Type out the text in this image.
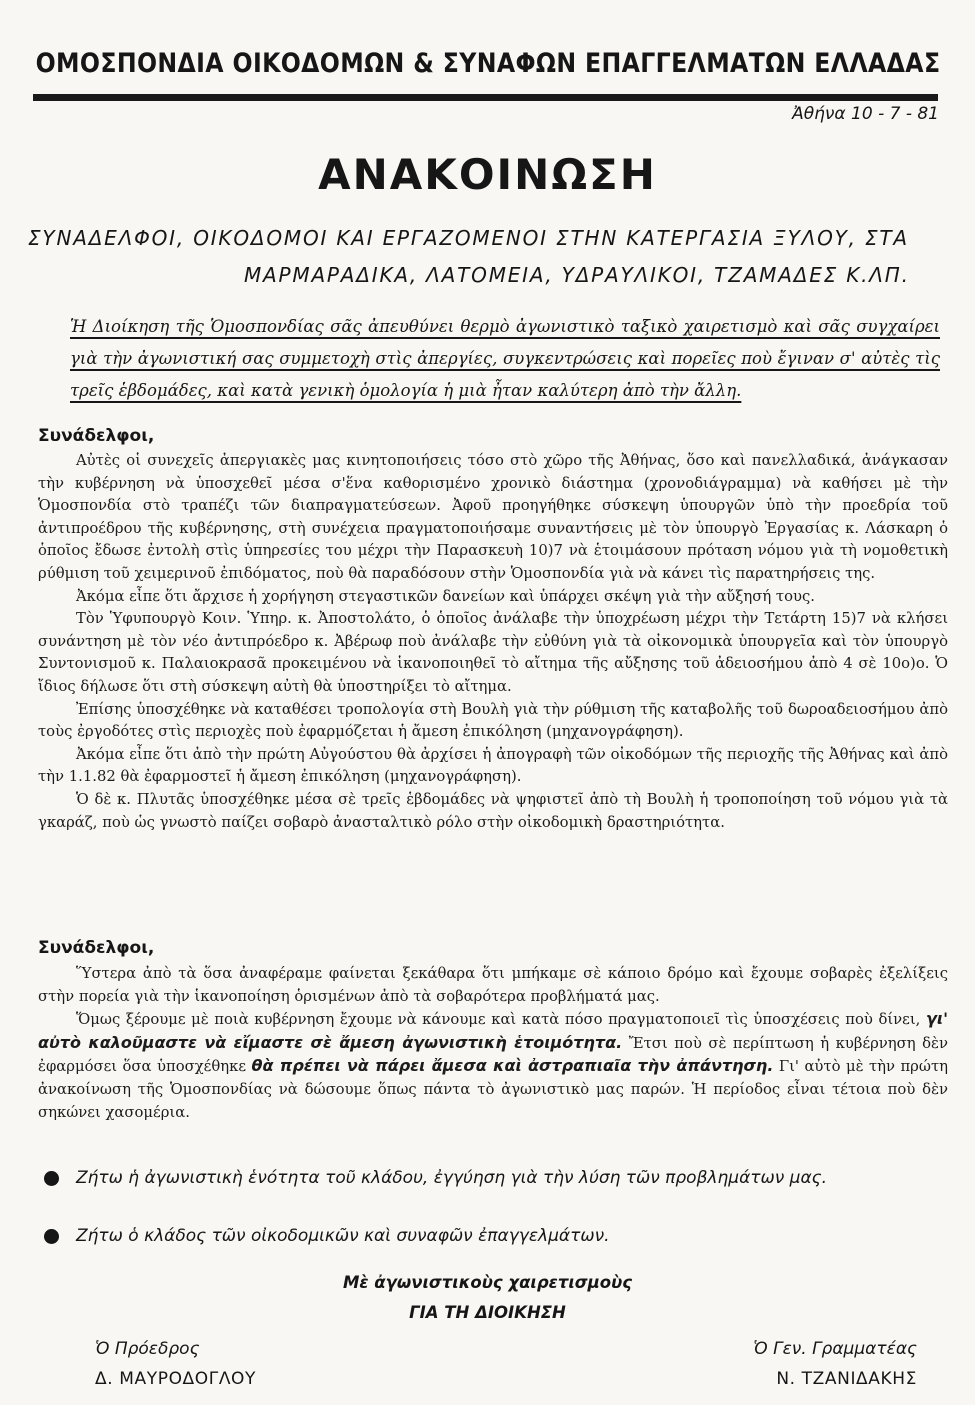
ΟΜΟΣΠΟΝΔΙΑ ΟΙΚΟΔΟΜΩΝ & ΣΥΝΑΦΩΝ ΕΠΑΓΓΕΛΜΑΤΩΝ ΕΛΛΑΔΑΣ
Ἀθήνα 10 - 7 - 81
ΑΝΑΚΟΙΝΩΣΗ
ΣΥΝΑΔΕΛΦΟΙ, ΟΙΚΟΔΟΜΟΙ ΚΑΙ ΕΡΓΑΖΟΜΕΝΟΙ ΣΤΗΝ ΚΑΤΕΡΓΑΣΙΑ ΞΥΛΟΥ, ΣΤΑ
ΜΑΡΜΑΡΑΔΙΚΑ, ΛΑΤΟΜΕΙΑ, ΥΔΡΑΥΛΙΚΟΙ, ΤΖΑΜΑΔΕΣ Κ.ΛΠ.

Ἡ Διοίκηση τῆς Ὁμοσπονδίας σᾶς ἀπευθύνει θερμὸ ἀγωνιστικὸ ταξικὸ χαιρετισμὸ καὶ σᾶς συγχαίρει γιὰ τὴν ἀγωνιστική σας συμμετοχὴ στὶς ἀπεργίες, συγκεντρώσεις καὶ πορεῖες ποὺ ἔγιναν σ' αὐτὲς τὶς τρεῖς ἑβδομάδες, καὶ κατὰ γενικὴ ὁμολογία ἡ μιὰ ἦταν καλύτερη ἀπὸ τὴν ἄλλη.

Συνάδελφοι,

Αὐτὲς οἱ συνεχεῖς ἀπεργιακὲς μας κινητοποιήσεις τόσο στὸ χῶρο τῆς Ἀθήνας, ὅσο καὶ πανελλαδικά, ἀνάγκασαν τὴν κυβέρνηση νὰ ὑποσχεθεῖ μέσα σ'ἕνα καθορισμένο χρονικὸ διάστημα (χρονοδιάγραμμα) νὰ καθήσει μὲ τὴν Ὁμοσπονδία στὸ τραπέζι τῶν διαπραγματεύσεων. Ἀφοῦ προηγήθηκε σύσκεψη ὑπουργῶν ὑπὸ τὴν προεδρία τοῦ ἀντιπροέδρου τῆς κυβέρνησης, στὴ συνέχεια πραγματοποιήσαμε συναντήσεις μὲ τὸν ὑπουργὸ Ἐργασίας κ. Λάσκαρη ὁ ὁποῖος ἔδωσε ἐντολὴ στὶς ὑπηρεσίες του μέχρι τὴν Παρασκευὴ 10)7 νὰ ἑτοιμάσουν πρόταση νόμου γιὰ τὴ νομοθετικὴ ρύθμιση τοῦ χειμερινοῦ ἐπιδόματος, ποὺ θὰ παραδόσουν στὴν Ὁμοσπονδία γιὰ νὰ κάνει τὶς παρατηρήσεις της.

Ἀκόμα εἶπε ὅτι ἄρχισε ἡ χορήγηση στεγαστικῶν δανείων καὶ ὑπάρχει σκέψη γιὰ τὴν αὔξησή τους.

Τὸν Ὑφυπουργὸ Κοιν. Ὑπηρ. κ. Ἀποστολάτο, ὁ ὁποῖος ἀνάλαβε τὴν ὑποχρέωση μέχρι τὴν Τετάρτη 15)7 νὰ κλήσει συνάντηση μὲ τὸν νέο ἀντιπρόεδρο κ. Ἀβέρωφ ποὺ ἀνάλαβε τὴν εὐθύνη γιὰ τὰ οἰκονομικὰ ὑπουργεῖα καὶ τὸν ὑπουργὸ Συντονισμοῦ κ. Παλαιοκρασᾶ προκειμένου νὰ ἱκανοποιηθεῖ τὸ αἴτημα τῆς αὔξησης τοῦ ἀδειοσήμου ἀπὸ 4 σὲ 10ο)ο. Ὁ ἴδιος δήλωσε ὅτι στὴ σύσκεψη αὐτὴ θὰ ὑποστηρίξει τὸ αἴτημα.

Ἐπίσης ὑποσχέθηκε νὰ καταθέσει τροπολογία στὴ Βουλὴ γιὰ τὴν ρύθμιση τῆς καταβολῆς τοῦ δωροαδειοσήμου ἀπὸ τοὺς ἐργοδότες στὶς περιοχὲς ποὺ ἐφαρμόζεται ἡ ἄμεση ἐπικόληση (μηχανογράφηση).

Ἀκόμα εἶπε ὅτι ἀπὸ τὴν πρώτη Αὐγούστου θὰ ἀρχίσει ἡ ἀπογραφὴ τῶν οἰκοδόμων τῆς περιοχῆς τῆς Ἀθήνας καὶ ἀπὸ τὴν 1.1.82 θὰ ἐφαρμοστεῖ ἡ ἄμεση ἐπικόληση (μηχανογράφηση).

Ὁ δὲ κ. Πλυτᾶς ὑποσχέθηκε μέσα σὲ τρεῖς ἑβδομάδες νὰ ψηφιστεῖ ἀπὸ τὴ Βουλὴ ἡ τροποποίηση τοῦ νόμου γιὰ τὰ γκαράζ, ποὺ ὡς γνωστὸ παίζει σοβαρὸ ἀνασταλτικὸ ρόλο στὴν οἰκοδομικὴ δραστηριότητα.

Συνάδελφοι,

Ὕστερα ἀπὸ τὰ ὅσα ἀναφέραμε φαίνεται ξεκάθαρα ὅτι μπήκαμε σὲ κάποιο δρόμο καὶ ἔχουμε σοβαρὲς ἐξελίξεις στὴν πορεία γιὰ τὴν ἱκανοποίηση ὁρισμένων ἀπὸ τὰ σοβαρότερα προβλήματά μας.

Ὅμως ξέρουμε μὲ ποιὰ κυβέρνηση ἔχουμε νὰ κάνουμε καὶ κατὰ πόσο πραγματοποιεῖ τὶς ὑποσχέσεις ποὺ δίνει, γι' αὐτὸ καλοῦμαστε νὰ εἴμαστε σὲ ἄμεση ἀγωνιστικὴ ἑτοιμότητα. Ἔτσι ποὺ σὲ περίπτωση ἡ κυβέρνηση δὲν ἐφαρμόσει ὅσα ὑποσχέθηκε θὰ πρέπει νὰ πάρει ἄμεσα καὶ ἀστραπιαῖα τὴν ἀπάντηση. Γι' αὐτὸ μὲ τὴν πρώτη ἀνακοίνωση τῆς Ὁμοσπονδίας νὰ δώσουμε ὅπως πάντα τὸ ἀγωνιστικὸ μας παρών. Ἡ περίοδος εἶναι τέτοια ποὺ δὲν σηκώνει χασομέρια.

Ζήτω ἡ ἀγωνιστικὴ ἑνότητα τοῦ κλάδου, ἐγγύηση γιὰ τὴν λύση τῶν προβλημάτων μας.
Ζήτω ὁ κλάδος τῶν οἰκοδομικῶν καὶ συναφῶν ἐπαγγελμάτων.
Μὲ ἀγωνιστικοὺς χαιρετισμοὺς
ΓΙΑ ΤΗ ΔΙΟΙΚΗΣΗ
Ὁ Πρόεδρος
Δ. ΜΑΥΡΟΔΟΓΛΟΥ
Ὁ Γεν. Γραμματέας
Ν. ΤΖΑΝΙΔΑΚΗΣ
